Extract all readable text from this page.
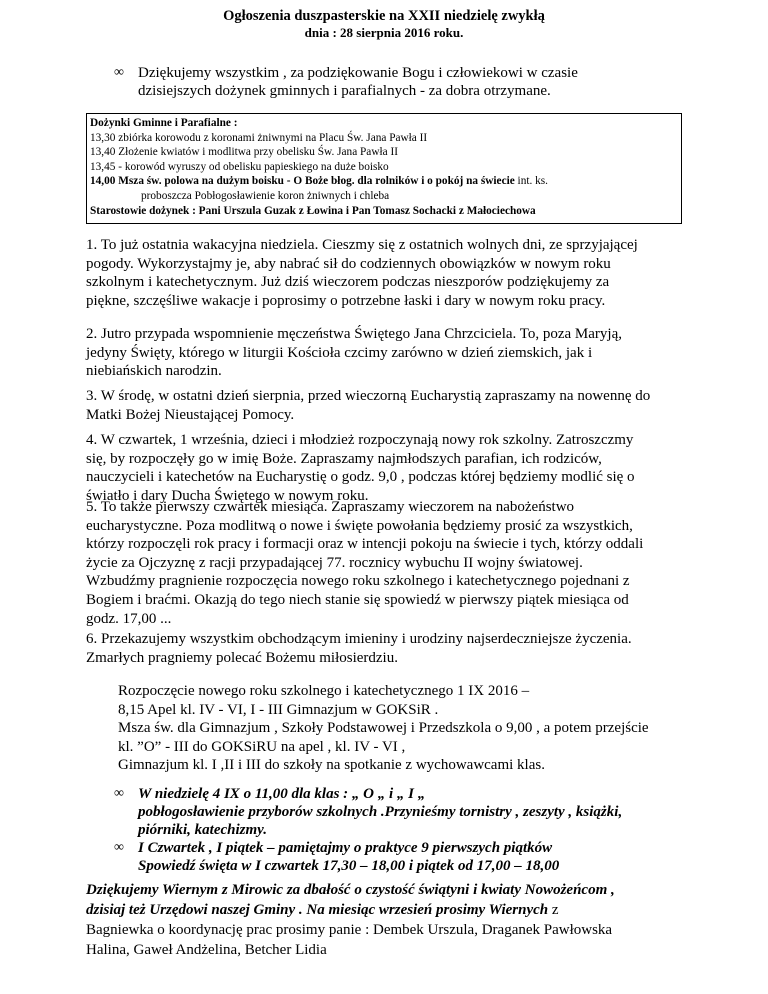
Ogłoszenia duszpasterskie na XXII niedzielę zwykłą
dnia : 28 sierpnia 2016 roku.
∞ Dziękujemy wszystkim , za podziękowanie Bogu i człowiekowi w czasie
dzisiejszych dożynek gminnych i parafialnych - za dobra otrzymane.
Dożynki Gminne i Parafialne :
13,30 zbiórka korowodu z koronami żniwnymi na Placu Św. Jana Pawła II
13,40 Złożenie kwiatów i modlitwa przy obelisku Św. Jana Pawła II
13,45 - korowód wyruszy od obelisku papieskiego na duże boisko
14,00 Msza św. polowa na dużym boisku - O Boże błog. dla rolników i o pokój na świecie int. ks.
proboszcza Pobłogosławienie koron żniwnych i chleba
Starostowie dożynek : Pani Urszula Guzak z Łowina i Pan Tomasz Sochacki z Małociechowa
1. To już ostatnia wakacyjna niedziela. Cieszmy się z ostatnich wolnych dni, ze sprzyjającej
pogody. Wykorzystajmy je, aby nabrać sił do codziennych obowiązków w nowym roku
szkolnym i katechetycznym. Już dziś wieczorem podczas nieszporów podziękujemy za
piękne, szczęśliwe wakacje i poprosimy o potrzebne łaski i dary w nowym roku pracy.
2. Jutro przypada wspomnienie męczeństwa Świętego Jana Chrzciciela. To, poza Maryją,
jedyny Święty, którego w liturgii Kościoła czcimy zarówno w dzień ziemskich, jak i
niebiańskich narodzin.
3. W środę, w ostatni dzień sierpnia, przed wieczorną Eucharystią zapraszamy na nowennę do
Matki Bożej Nieustającej Pomocy.
4. W czwartek, 1 września, dzieci i młodzież rozpoczynają nowy rok szkolny. Zatroszczmy
się, by rozpoczęły go w imię Boże. Zapraszamy najmłodszych parafian, ich rodziców,
nauczycieli i katechetów na Eucharystię o godz. 9,0 , podczas której będziemy modlić się o
światło i dary Ducha Świętego w nowym roku.
5. To także pierwszy czwartek miesiąca. Zapraszamy wieczorem na nabożeństwo
eucharystyczne. Poza modlitwą o nowe i święte powołania będziemy prosić za wszystkich,
którzy rozpoczęli rok pracy i formacji oraz w intencji pokoju na świecie i tych, którzy oddali
życie za Ojczyznę z racji przypadającej 77. rocznicy wybuchu II wojny światowej.
Wzbudźmy pragnienie rozpoczęcia nowego roku szkolnego i katechetycznego pojednani z
Bogiem i braćmi. Okazją do tego niech stanie się spowiedź w pierwszy piątek miesiąca od
godz. 17,00 ...
6. Przekazujemy wszystkim obchodzącym imieniny i urodziny najserdeczniejsze życzenia.
Zmarłych pragniemy polecać Bożemu miłosierdziu.
Rozpoczęcie nowego roku szkolnego i katechetycznego 1 IX 2016 –
8,15 Apel kl. IV - VI, I - III Gimnazjum w GOKSiR .
Msza św. dla Gimnazjum , Szkoły Podstawowej i Przedszkola o 9,00 , a potem przejście
kl. ”O” - III do GOKSiRU na apel , kl. IV - VI ,
Gimnazjum kl. I ,II i III do szkoły na spotkanie z wychowawcami klas.
∞ W niedzielę 4 IX o 11,00 dla klas : „ O „ i „ I „
pobłogosławienie przyborów szkolnych .Przynieśmy tornistry , zeszyty , książki,
piórniki, katechizmy.
∞ I Czwartek , I piątek – pamiętajmy o praktyce 9 pierwszych piątków
Spowiedź święta w I czwartek 17,30 – 18,00 i piątek od 17,00 – 18,00
Dziękujemy Wiernym z Mirowic za dbałość o czystość świątyni i kwiaty Nowożeńcom ,
dzisiaj też Urzędowi naszej Gminy . Na miesiąc wrzesień prosimy Wiernych z
Bagniewka o koordynację prac prosimy panie : Dembek Urszula, Draganek Pawłowska
Halina, Gaweł Andżelina, Betcher Lidia
